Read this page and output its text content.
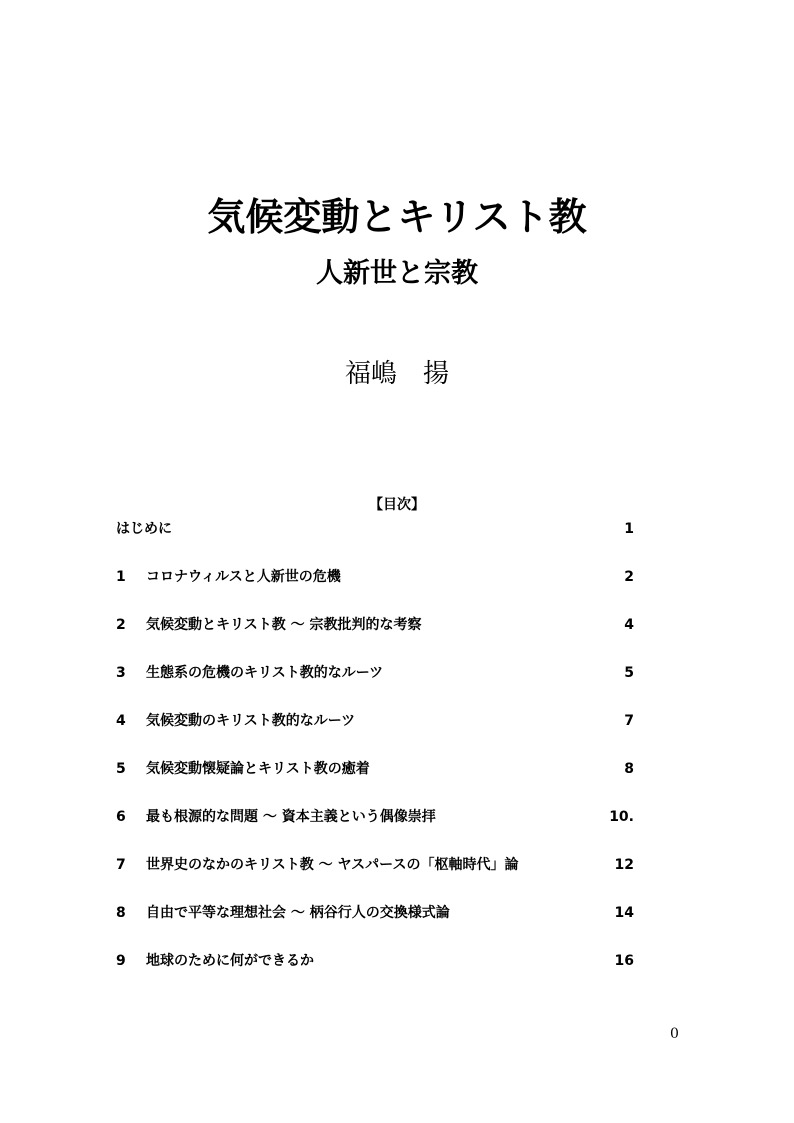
気候変動とキリスト教
人新世と宗教
福嶋　揚
【目次】
はじめに	1
1 コロナウィルスと人新世の危機	2
2 気候変動とキリスト教 ～ 宗教批判的な考察	4
3 生態系の危機のキリスト教的なルーツ	5
4 気候変動のキリスト教的なルーツ	7
5 気候変動懐疑論とキリスト教の癒着	8
6 最も根源的な問題 ～ 資本主義という偶像崇拝	10.
7 世界史のなかのキリスト教 ～ ヤスパースの「枢軸時代」論	12
8 自由で平等な理想社会 ～ 柄谷行人の交換様式論	14
9 地球のために何ができるか	16
0
